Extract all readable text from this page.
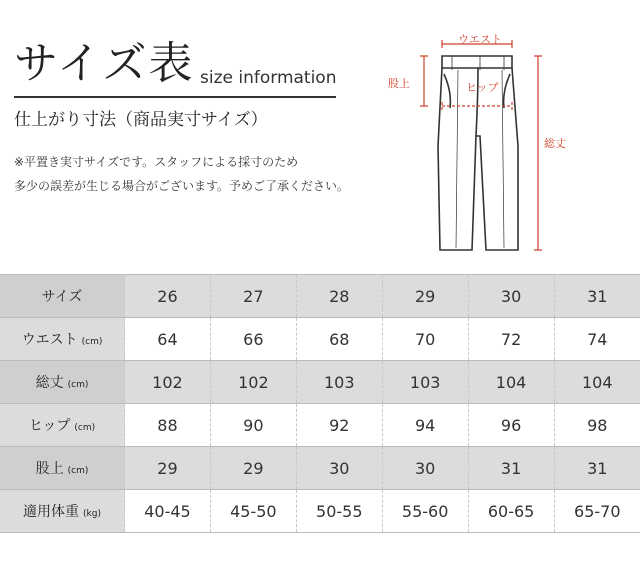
サイズ表 size information
仕上がり寸法（商品実寸サイズ）
※平置き実寸サイズです。スタッフによる採寸のため
多少の誤差が生じる場合がございます。予めご了承ください。
ウエスト
股上	ヒップ
総丈
サイズ	26	27	28	29	30	31
ウエスト (cm)	64	66	68	70	72	74
総丈 (cm)	102	102	103	103	104	104
ヒップ (cm)	88	90	92	94	96	98
股上 (cm)	29	29	30	30	31	31
適用体重 (kg)	40-45	45-50	50-55	55-60	60-65	65-70
